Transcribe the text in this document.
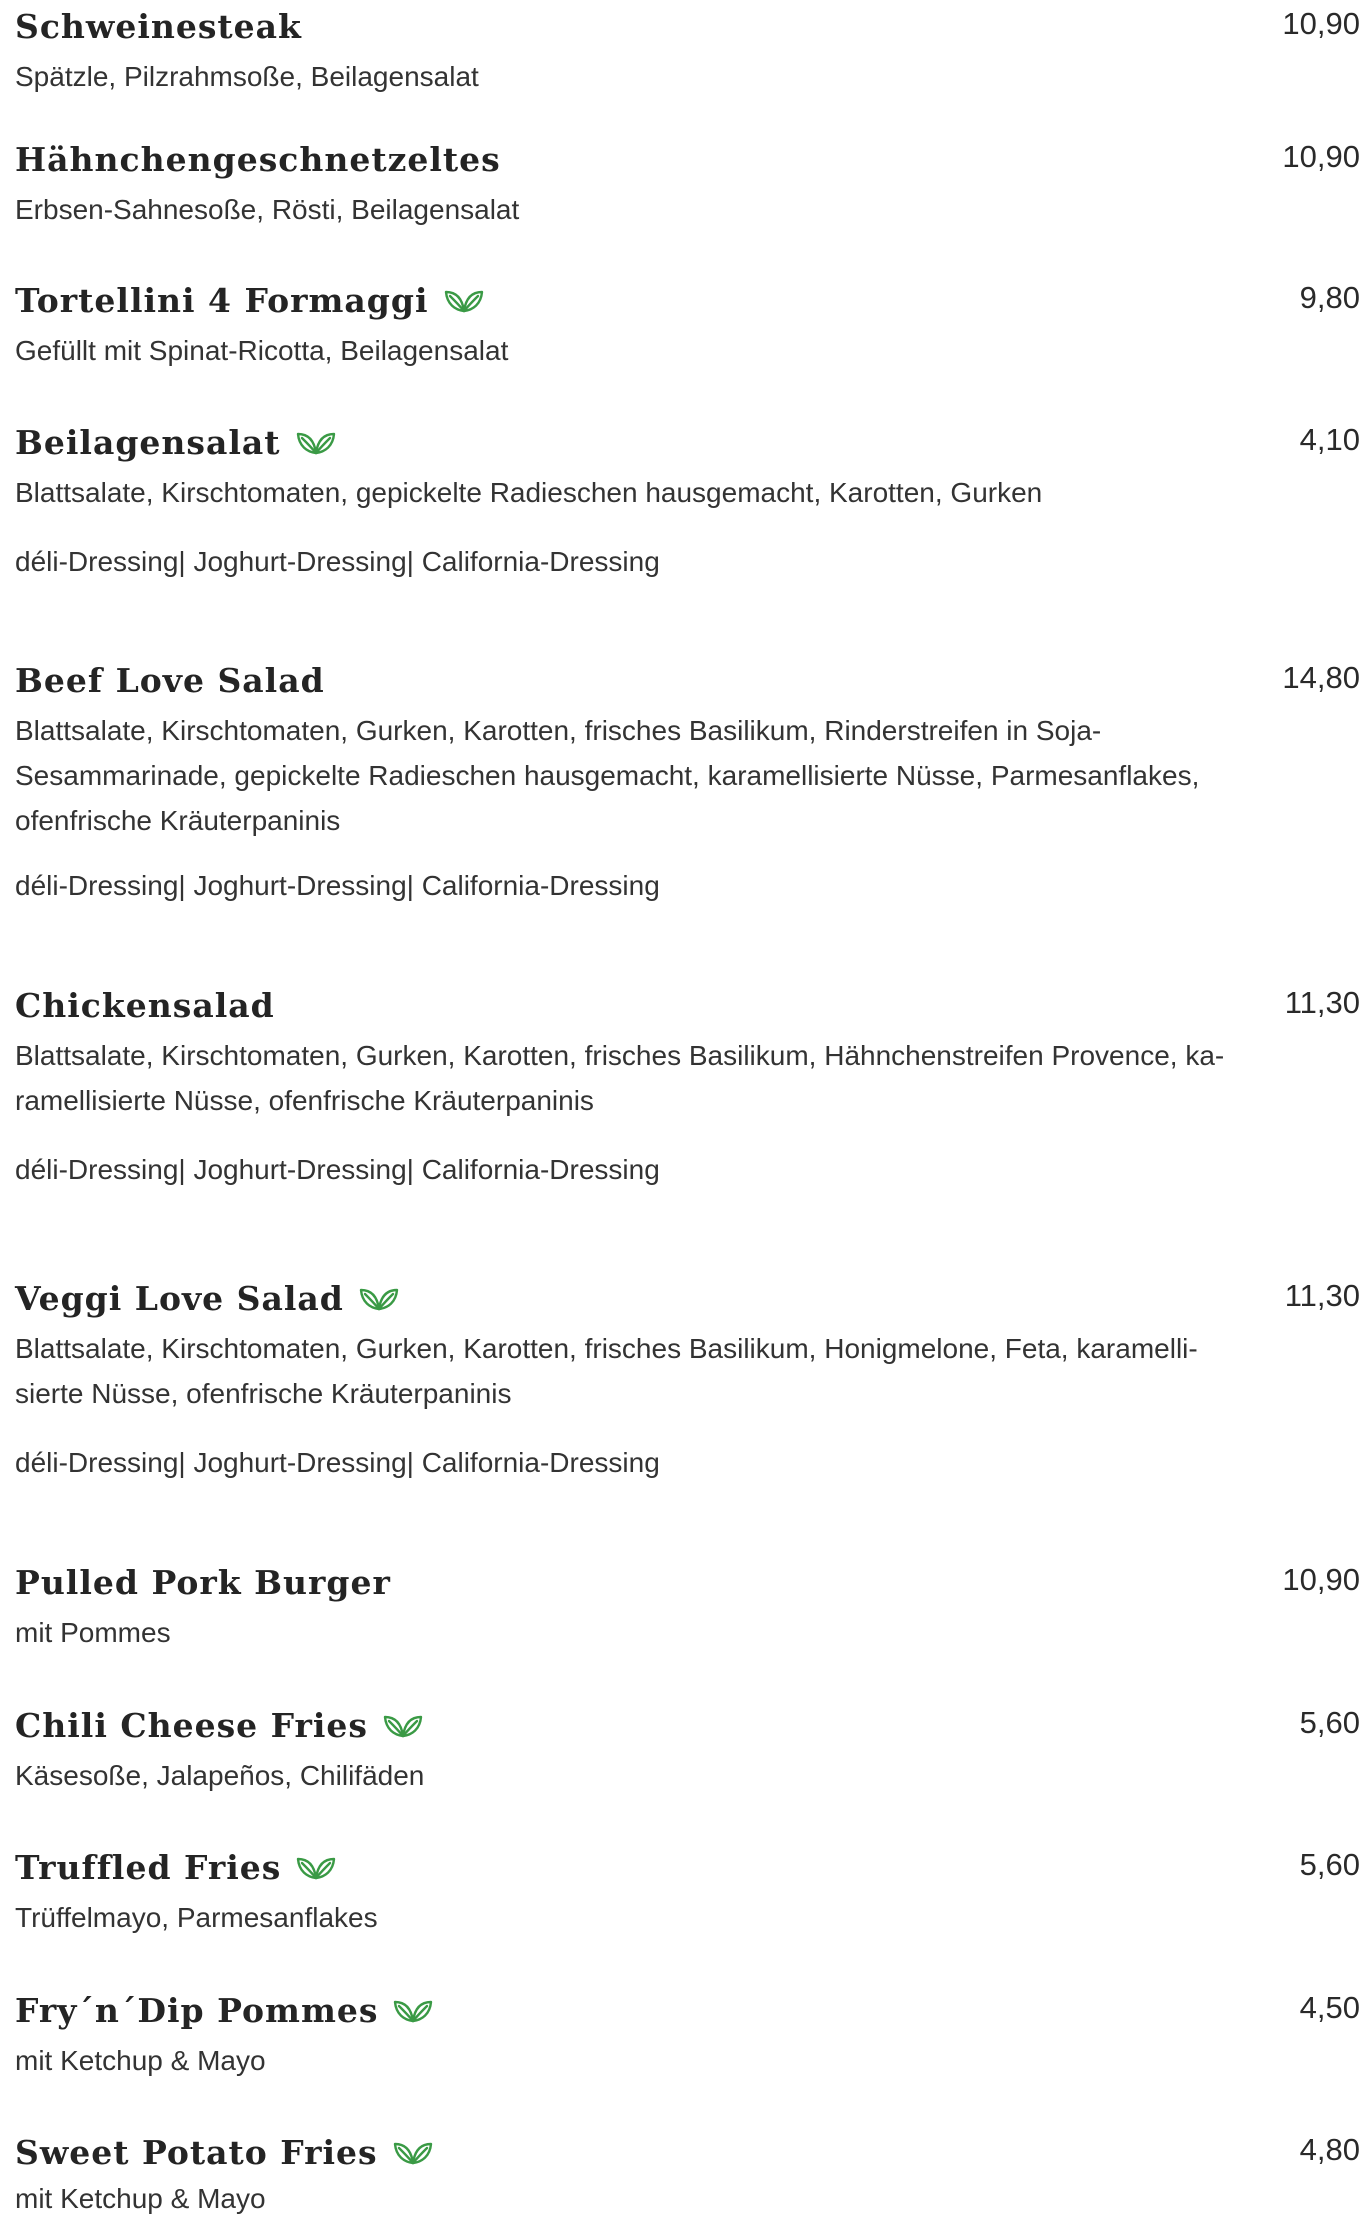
Schweinesteak	10,90
Spätzle, Pilzrahmsoße, Beilagensalat
Hähnchengeschnetzeltes	10,90
Erbsen-Sahnesoße, Rösti, Beilagensalat
Tortellini 4 Formaggi	9,80
Gefüllt mit Spinat-Ricotta, Beilagensalat
Beilagensalat	4,10
Blattsalate, Kirschtomaten, gepickelte Radieschen hausgemacht, Karotten, Gurken
déli-Dressing| Joghurt-Dressing| California-Dressing
Beef Love Salad	14,80
Blattsalate, Kirschtomaten, Gurken, Karotten, frisches Basilikum, Rinderstreifen in Soja-
Sesammarinade, gepickelte Radieschen hausgemacht, karamellisierte Nüsse, Parmesanflakes,
ofenfrische Kräuterpaninis
déli-Dressing| Joghurt-Dressing| California-Dressing
Chickensalad	11,30
Blattsalate, Kirschtomaten, Gurken, Karotten, frisches Basilikum, Hähnchenstreifen Provence, ka-
ramellisierte Nüsse, ofenfrische Kräuterpaninis
déli-Dressing| Joghurt-Dressing| California-Dressing
Veggi Love Salad	11,30
Blattsalate, Kirschtomaten, Gurken, Karotten, frisches Basilikum, Honigmelone, Feta, karamelli-
sierte Nüsse, ofenfrische Kräuterpaninis
déli-Dressing| Joghurt-Dressing| California-Dressing
Pulled Pork Burger	10,90
mit Pommes
Chili Cheese Fries	5,60
Käsesoße, Jalapeños, Chilifäden
Truffled Fries	5,60
Trüffelmayo, Parmesanflakes
Fry´n´Dip Pommes	4,50
mit Ketchup & Mayo
Sweet Potato Fries	4,80
mit Ketchup & Mayo
